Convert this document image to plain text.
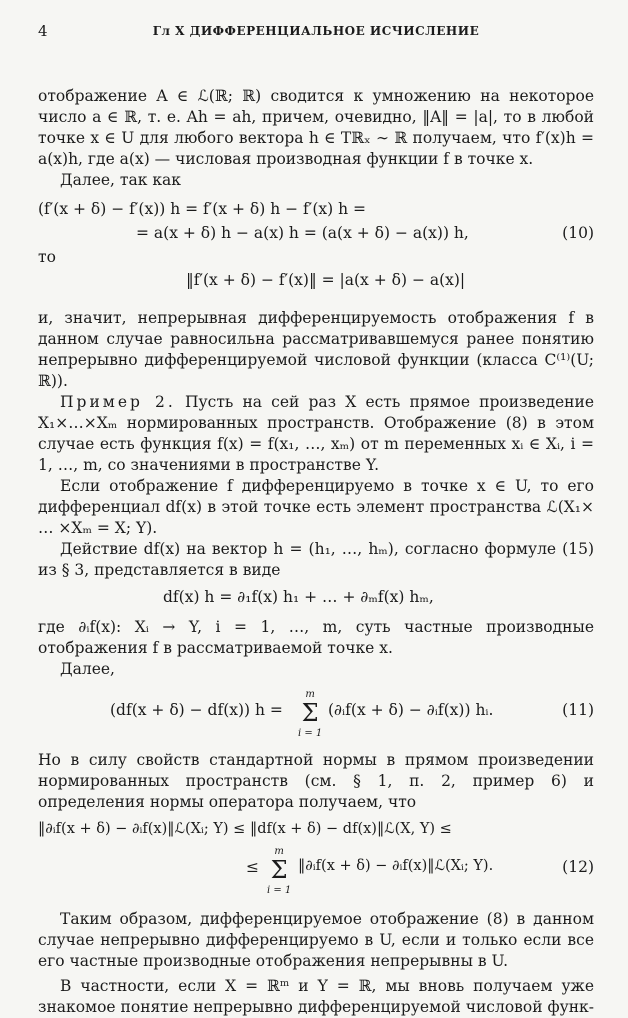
4	Гл X ДИФФЕРЕНЦИАЛЬНОЕ ИСЧИСЛЕНИЕ

отображение A ∈ ℒ(ℝ; ℝ) сводится к умножению на некоторое число a ∈ ℝ, т. е. Ah = ah, причем, очевидно, ‖A‖ = |a|, то в любой точке x ∈ U для любого вектора h ∈ Tℝₓ ∼ ℝ получаем, что f′(x)h = a(x)h, где a(x) — числовая производная функции f в точке x.

Далее, так как

(f′(x + δ) − f′(x)) h = f′(x + δ) h − f′(x) h =
= a(x + δ) h − a(x) h = (a(x + δ) − a(x)) h,	(10)

то

‖f′(x + δ) − f′(x)‖ = |a(x + δ) − a(x)|

и, значит, непрерывная дифференцируемость отображения f в данном случае равносильна рассматривавшемуся ранее понятию непрерывно дифференцируемой числовой функции (класса C⁽¹⁾(U; ℝ)).

Пример 2. Пусть на сей раз X есть прямое произведение X₁×…×Xₘ нормированных пространств. Отображение (8) в этом случае есть функция f(x) = f(x₁, …, xₘ) от m переменных xᵢ ∈ Xᵢ, i = 1, …, m, со значениями в пространстве Y.

Если отображение f дифференцируемо в точке x ∈ U, то его дифференциал df(x) в этой точке есть элемент пространства ℒ(X₁× … ×Xₘ = X; Y).

Действие df(x) на вектор h = (h₁, …, hₘ), согласно формуле (15) из § 3, представляется в виде

df(x) h = ∂₁f(x) h₁ + … + ∂ₘf(x) hₘ,

где ∂ᵢf(x): Xᵢ → Y, i = 1, …, m, суть частные производные отображения f в рассматриваемой точке x.

Далее,

(df(x + δ) − df(x)) h =
m
Σ
i = 1
(∂ᵢf(x + δ) − ∂ᵢf(x)) hᵢ.	(11)

Но в силу свойств стандартной нормы в прямом произведении нормированных пространств (см. § 1, п. 2, пример 6) и определения нормы оператора получаем, что

‖∂ᵢf(x + δ) − ∂ᵢf(x)‖ℒ(Xᵢ; Y) ≤ ‖df(x + δ) − df(x)‖ℒ(X, Y) ≤
≤
m
Σ
i = 1
‖∂ᵢf(x + δ) − ∂ᵢf(x)‖ℒ(Xᵢ; Y).	(12)

Таким образом, дифференцируемое отображение (8) в данном случае непрерывно дифференцируемо в U, если и только если все его частные производные отображения непрерывны в U.

В частности, если X = ℝᵐ и Y = ℝ, мы вновь получаем уже знакомое понятие непрерывно дифференцируемой числовой функ-
